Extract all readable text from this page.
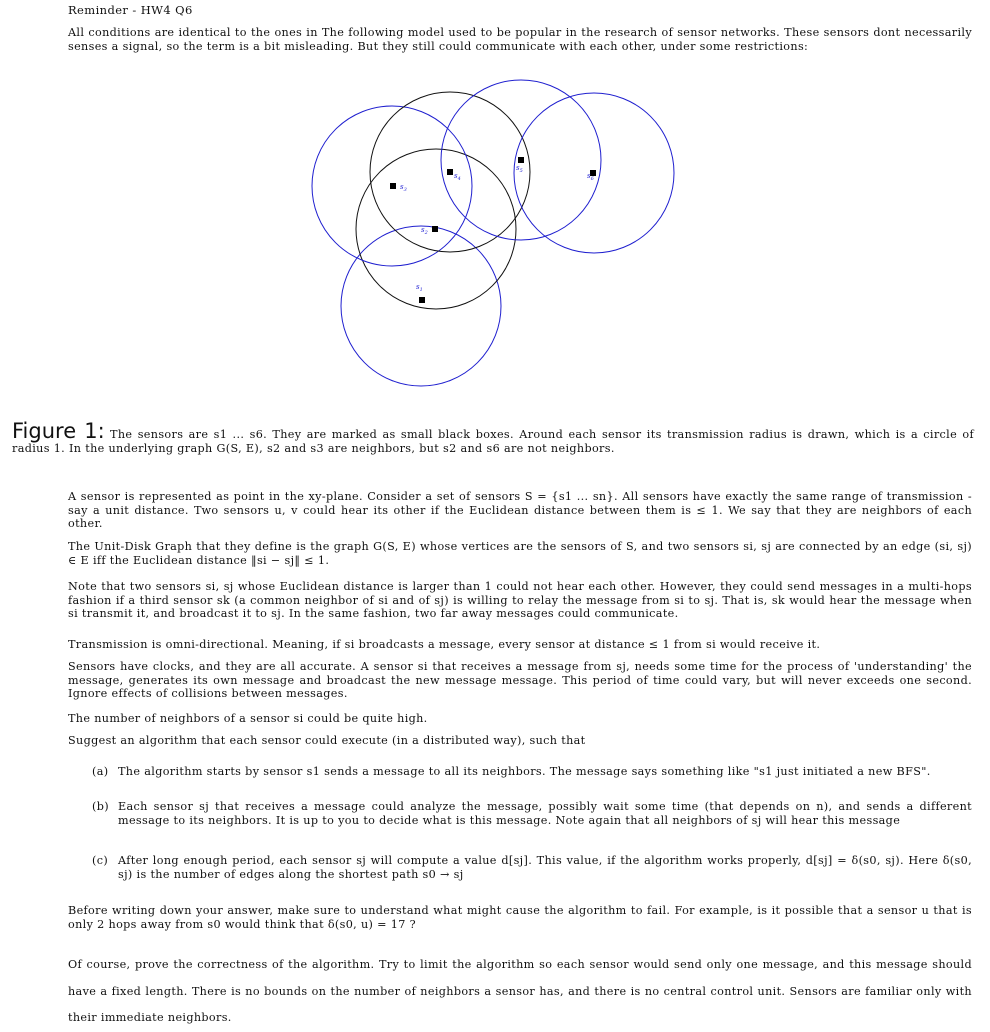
Reminder - HW4 Q6
All conditions are identical to the ones in The following model used to be popular in the research of sensor networks. These sensors dont necessarily senses a signal, so the term is a bit misleading. But they still could communicate with each other, under some restrictions:
$s_1$
$s_2$
$s_3$
$s_4$
$s_5$
$s_6$
Figure 1: The sensors are s1 ... s6. They are marked as small black boxes. Around each sensor its transmission radius is drawn, which is a circle of radius 1. In the underlying graph G(S, E), s2 and s3 are neighbors, but s2 and s6 are not neighbors.
A sensor is represented as point in the xy-plane. Consider a set of sensors S = {s1 ... sn}. All sensors have exactly the same range of transmission - say a unit distance. Two sensors u, v could hear its other if the Euclidean distance between them is ≤ 1. We say that they are neighbors of each other.
The Unit-Disk Graph that they define is the graph G(S, E) whose vertices are the sensors of S, and two sensors si, sj are connected by an edge (si, sj) ∈ E iff the Euclidean distance ‖si − sj‖ ≤ 1.
Note that two sensors si, sj whose Euclidean distance is larger than 1 could not hear each other. However, they could send messages in a multi-hops fashion if a third sensor sk (a common neighbor of si and of sj) is willing to relay the message from si to sj. That is, sk would hear the message when si transmit it, and broadcast it to sj. In the same fashion, two far away messages could communicate.
Transmission is omni-directional. Meaning, if si broadcasts a message, every sensor at distance ≤ 1 from si would receive it.
Sensors have clocks, and they are all accurate. A sensor si that receives a message from sj, needs some time for the process of 'understanding' the message, generates its own message and broadcast the new message message. This period of time could vary, but will never exceeds one second. Ignore effects of collisions between messages.
The number of neighbors of a sensor si could be quite high.
Suggest an algorithm that each sensor could execute (in a distributed way), such that
(a) The algorithm starts by sensor s1 sends a message to all its neighbors. The message says something like "s1 just initiated a new BFS".
(b) Each sensor sj that receives a message could analyze the message, possibly wait some time (that depends on n), and sends a different message to its neighbors. It is up to you to decide what is this message. Note again that all neighbors of sj will hear this message
(c) After long enough period, each sensor sj will compute a value d[sj]. This value, if the algorithm works properly, d[sj] = δ(s0, sj). Here δ(s0, sj) is the number of edges along the shortest path s0 → sj
Before writing down your answer, make sure to understand what might cause the algorithm to fail. For example, is it possible that a sensor u that is only 2 hops away from s0 would think that δ(s0, u) = 17 ?
Of course, prove the correctness of the algorithm. Try to limit the algorithm so each sensor would send only one message, and this message should have a fixed length. There is no bounds on the number of neighbors a sensor has, and there is no central control unit. Sensors are familiar only with their immediate neighbors.
